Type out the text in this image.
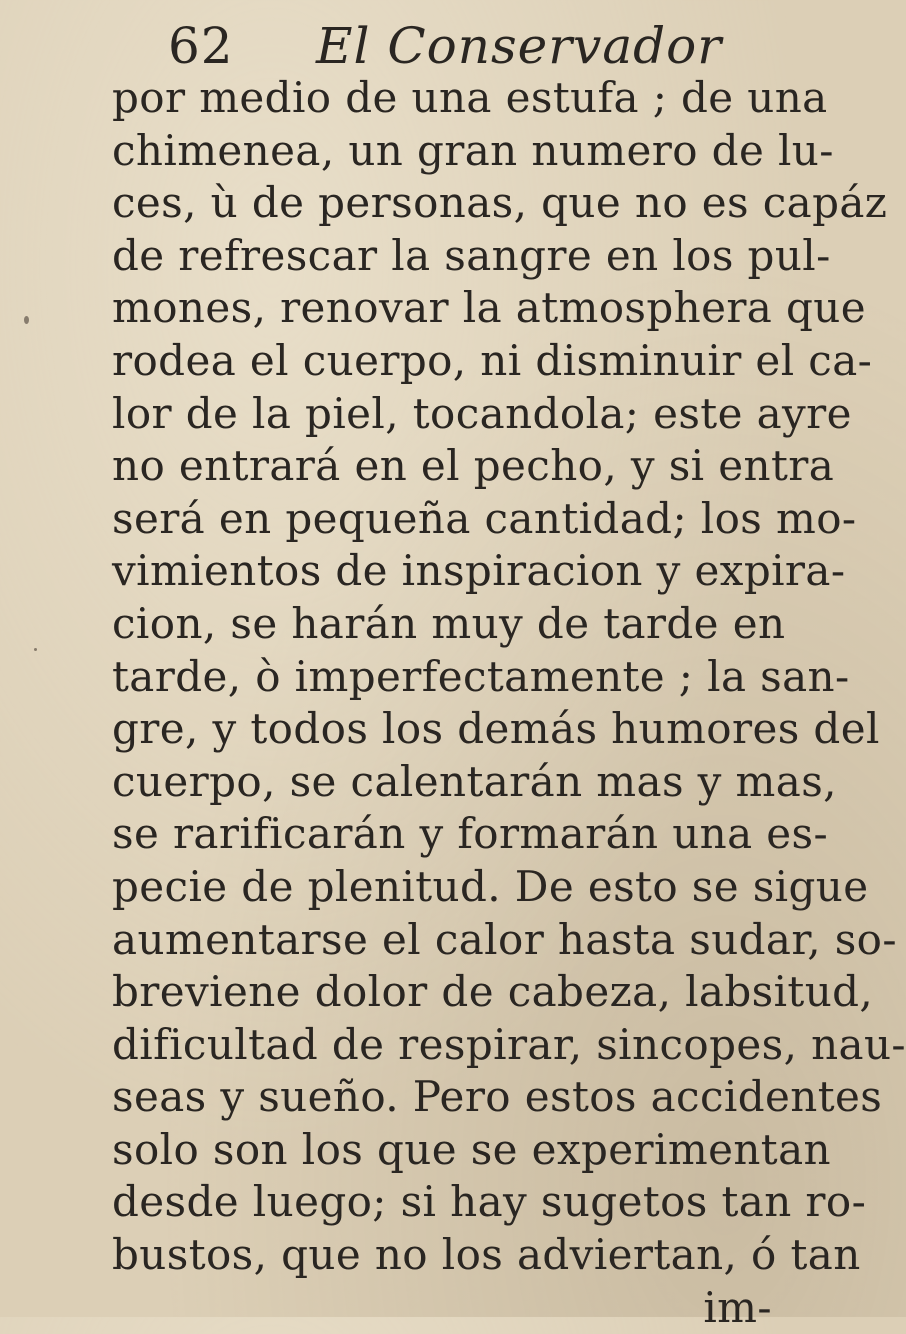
62 El Conservador
por medio de una estufa ; de una
chimenea, un gran numero de lu-
ces, ù de personas, que no es capáz
de refrescar la sangre en los pul-
mones, renovar la atmosphera que
rodea el cuerpo, ni disminuir el ca-
lor de la piel, tocandola; este ayre
no entrará en el pecho, y si entra
será en pequeña cantidad; los mo-
vimientos de inspiracion y expira-
cion, se harán muy de tarde en
tarde, ò imperfectamente ; la san-
gre, y todos los demás humores del
cuerpo, se calentarán mas y mas,
se rarificarán y formarán una es-
pecie de plenitud. De esto se sigue
aumentarse el calor hasta sudar, so-
breviene dolor de cabeza, labsitud,
dificultad de respirar, sincopes, nau-
seas y sueño. Pero estos accidentes
solo son los que se experimentan
desde luego; si hay sugetos tan ro-
bustos, que no los adviertan, ó tan
im-
